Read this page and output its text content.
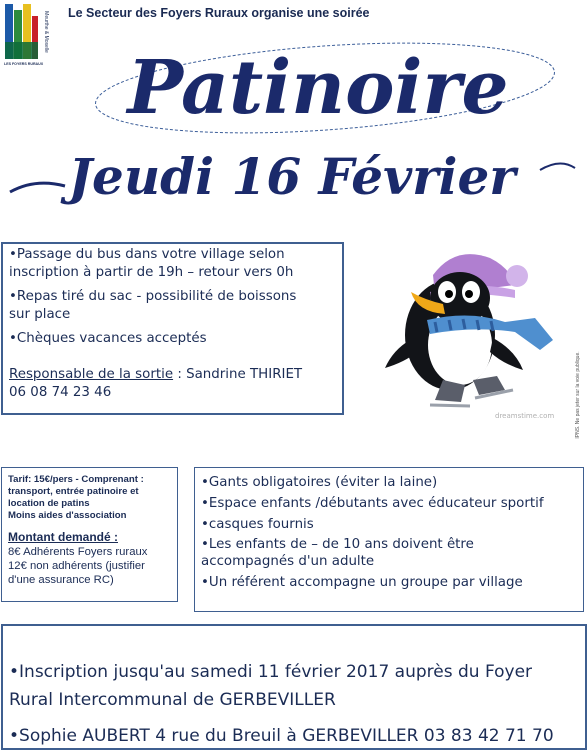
Meurthe & Moselle
LES FOYERS RURAUX
Le Secteur des Foyers Ruraux organise une soirée
Patinoire
Jeudi 16 Février

•Passage du bus dans votre village selon

inscription à partir de 19h – retour vers 0h

•Repas tiré du sac - possibilité de boissons

sur place

•Chèques vacances acceptés

Responsable de la sortie : Sandrine THIRIET

06 08 74 23 46

dreamstime.com	IPNS. Ne pas jeter sur la voie publique.

Tarif: 15€/pers - Comprenant :

transport, entrée patinoire et

location de patins

Moins aides d'association

Montant demandé :

8€ Adhérents Foyers ruraux

12€ non adhérents (justifier

d'une assurance RC)

•Gants obligatoires (éviter la laine)

•Espace enfants /débutants avec éducateur sportif

•casques fournis

•Les enfants de – de 10 ans doivent être
accompagnés d'un adulte

•Un référent accompagne un groupe par village

•Inscription jusqu'au samedi 11 février 2017 auprès du Foyer

Rural Intercommunal de GERBEVILLER

•Sophie AUBERT 4 rue du Breuil à GERBEVILLER 03 83 42 71 70
